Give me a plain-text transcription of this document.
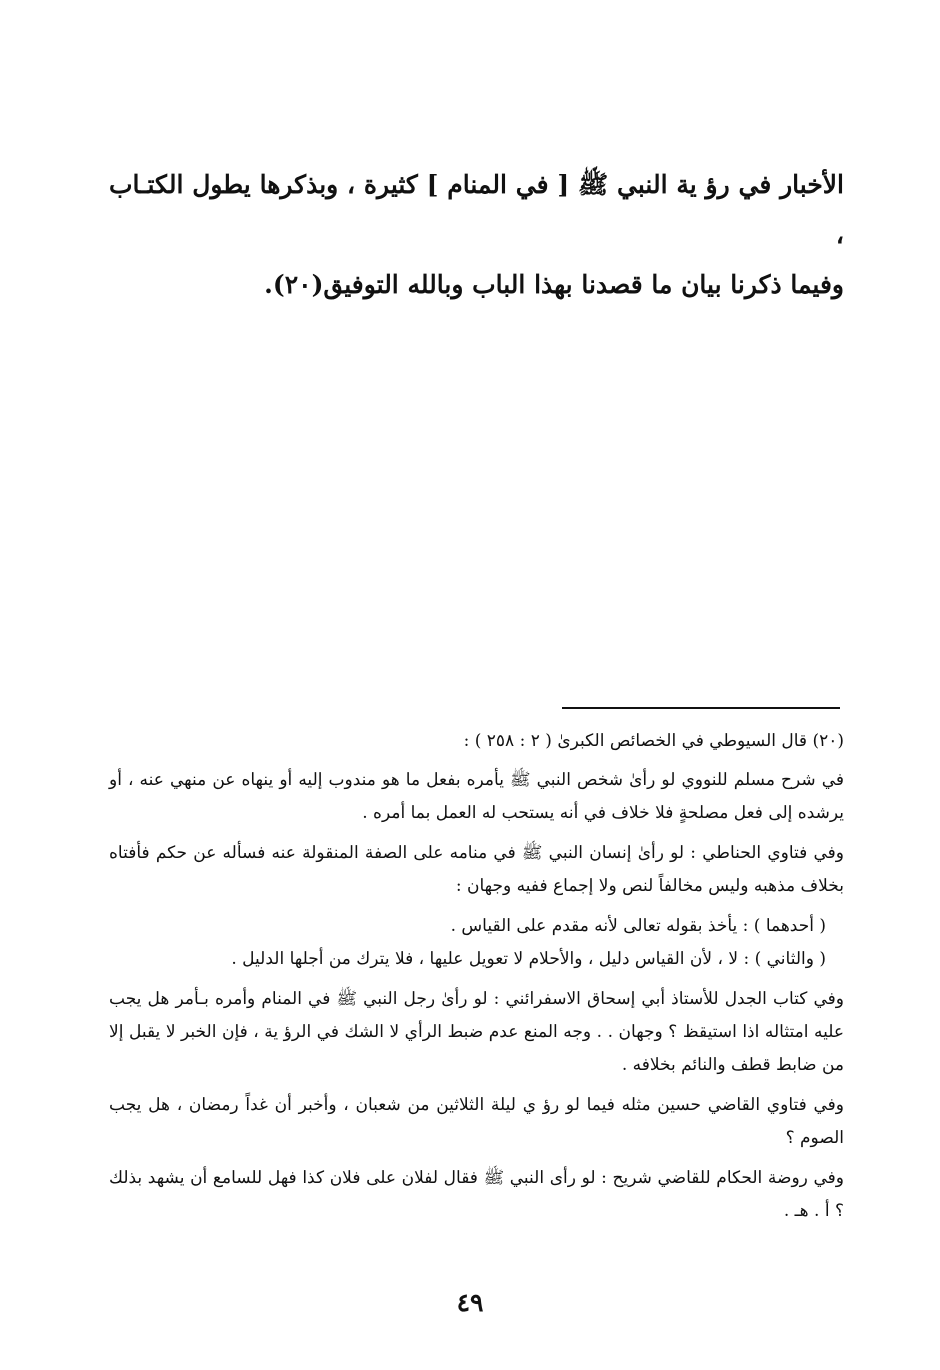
الأخبار في رؤ ية النبي ﷺ [ في المنام ] كثيرة ، وبذكرها يطول الكتـاب ،

وفيما ذكرنا بيان ما قصدنا بهذا الباب وبالله التوفيق(٢٠).

(٢٠) قال السيوطي في الخصائص الكبرىٰ ( ٢ : ٢٥٨ ) :

في شرح مسلم للنووي لو رأىٰ شخص النبي ﷺ يأمره بفعل ما هو مندوب إليه أو ينهاه عن منهي عنه ، أو يرشده إلى فعل مصلحةٍ فلا خلاف في أنه يستحب له العمل بما أمره .

وفي فتاوي الحناطي : لو رأىٰ إنسان النبي ﷺ في منامه على الصفة المنقولة عنه فسأله عن حكم فأفتاه بخلاف مذهبه وليس مخالفاً لنص ولا إجماع ففيه وجهان :

( أحدهما ) : يأخذ بقوله تعالى لأنه مقدم على القياس .

( والثاني ) : لا ، لأن القياس دليل ، والأحلام لا تعويل عليها ، فلا يترك من أجلها الدليل .

وفي كتاب الجدل للأستاذ أبي إسحاق الاسفرائني : لو رأىٰ رجل النبي ﷺ في المنام وأمره بـأمر هل يجب عليه امتثاله اذا استيقظ ؟ وجهان . . وجه المنع عدم ضبط الرأي لا الشك في الرؤ ية ، فإن الخبر لا يقبل إلا من ضابط قطف والنائم بخلافه .

وفي فتاوي القاضي حسين مثله فيما لو رؤ ي ليلة الثلاثين من شعبان ، وأخبر أن غداً رمضان ، هل يجب الصوم ؟

وفي روضة الحكام للقاضي شريح : لو رأى النبي ﷺ فقال لفلان على فلان كذا فهل للسامع أن يشهد بذلك ؟ أ . هـ .

٤٩
